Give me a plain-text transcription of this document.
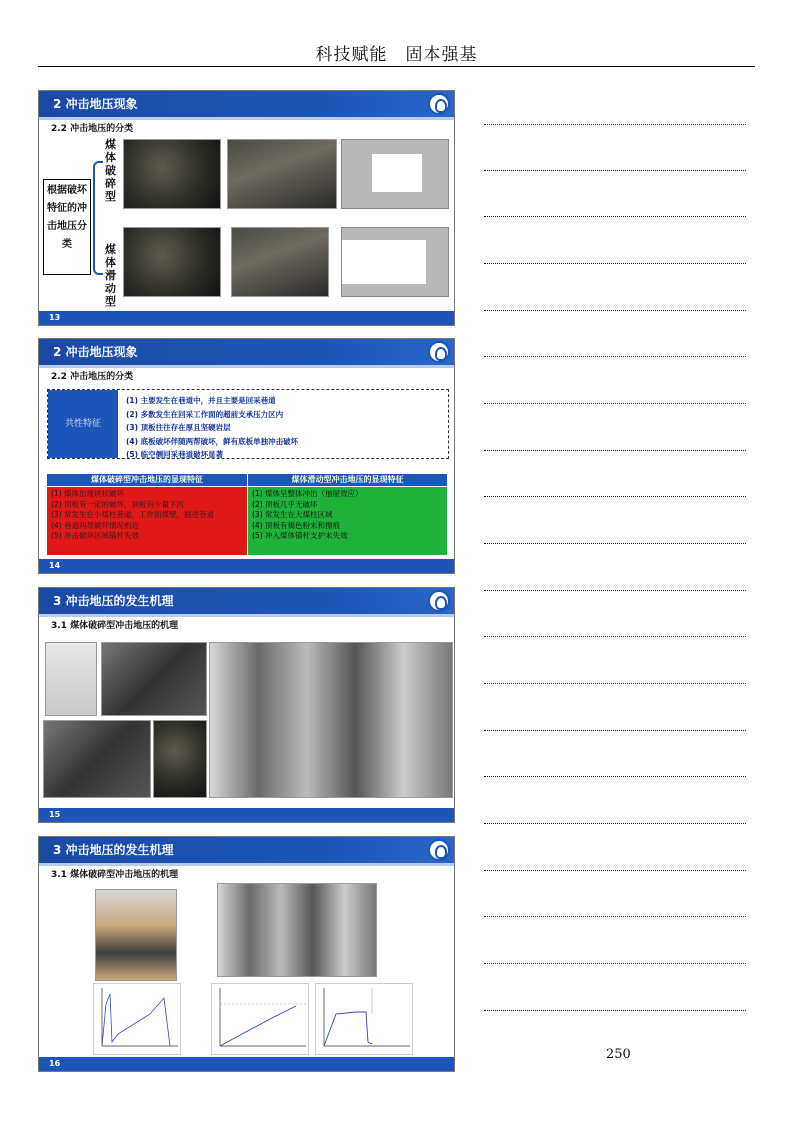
科技赋能　固本强基
2 冲击地压现象
2.2 冲击地压的分类
根据破坏特征的冲击地压分类
煤体破碎型
煤体滑动型
13
2 冲击地压现象
2.2 冲击地压的分类
共性特征
(1) 主要发生在巷道中，并且主要是回采巷道
(2) 多数发生在回采工作面的超前支承压力区内
(3) 顶板往往存在厚且坚硬岩层
(4) 底板破坏伴随两帮破坏，鲜有底板单独冲击破坏
(5) 临空侧回采巷道破坏显著
煤体破碎型冲击地压的显现特征	煤体滑动型冲击地压的显现特征
(1) 煤体出现块状破坏
(2) 顶板有一定的破坏，顶板有少量下沉
(3) 常发生在小煤柱巷道，工作面煤壁，掘进巷道
(4) 巷道两帮破坏情况相近
(5) 冲击破坏区域锚杆失效
(1) 煤体呈整体冲出（抽屉效应）
(2) 顶板几乎无破坏
(3) 常发生在大煤柱区域
(4) 顶板有褐色粉末和擦痕
(5) 冲入煤体锚杆支护未失效
14
3 冲击地压的发生机理
3.1 煤体破碎型冲击地压的机理
15
3 冲击地压的发生机理
3.1 煤体破碎型冲击地压的机理
16
250
